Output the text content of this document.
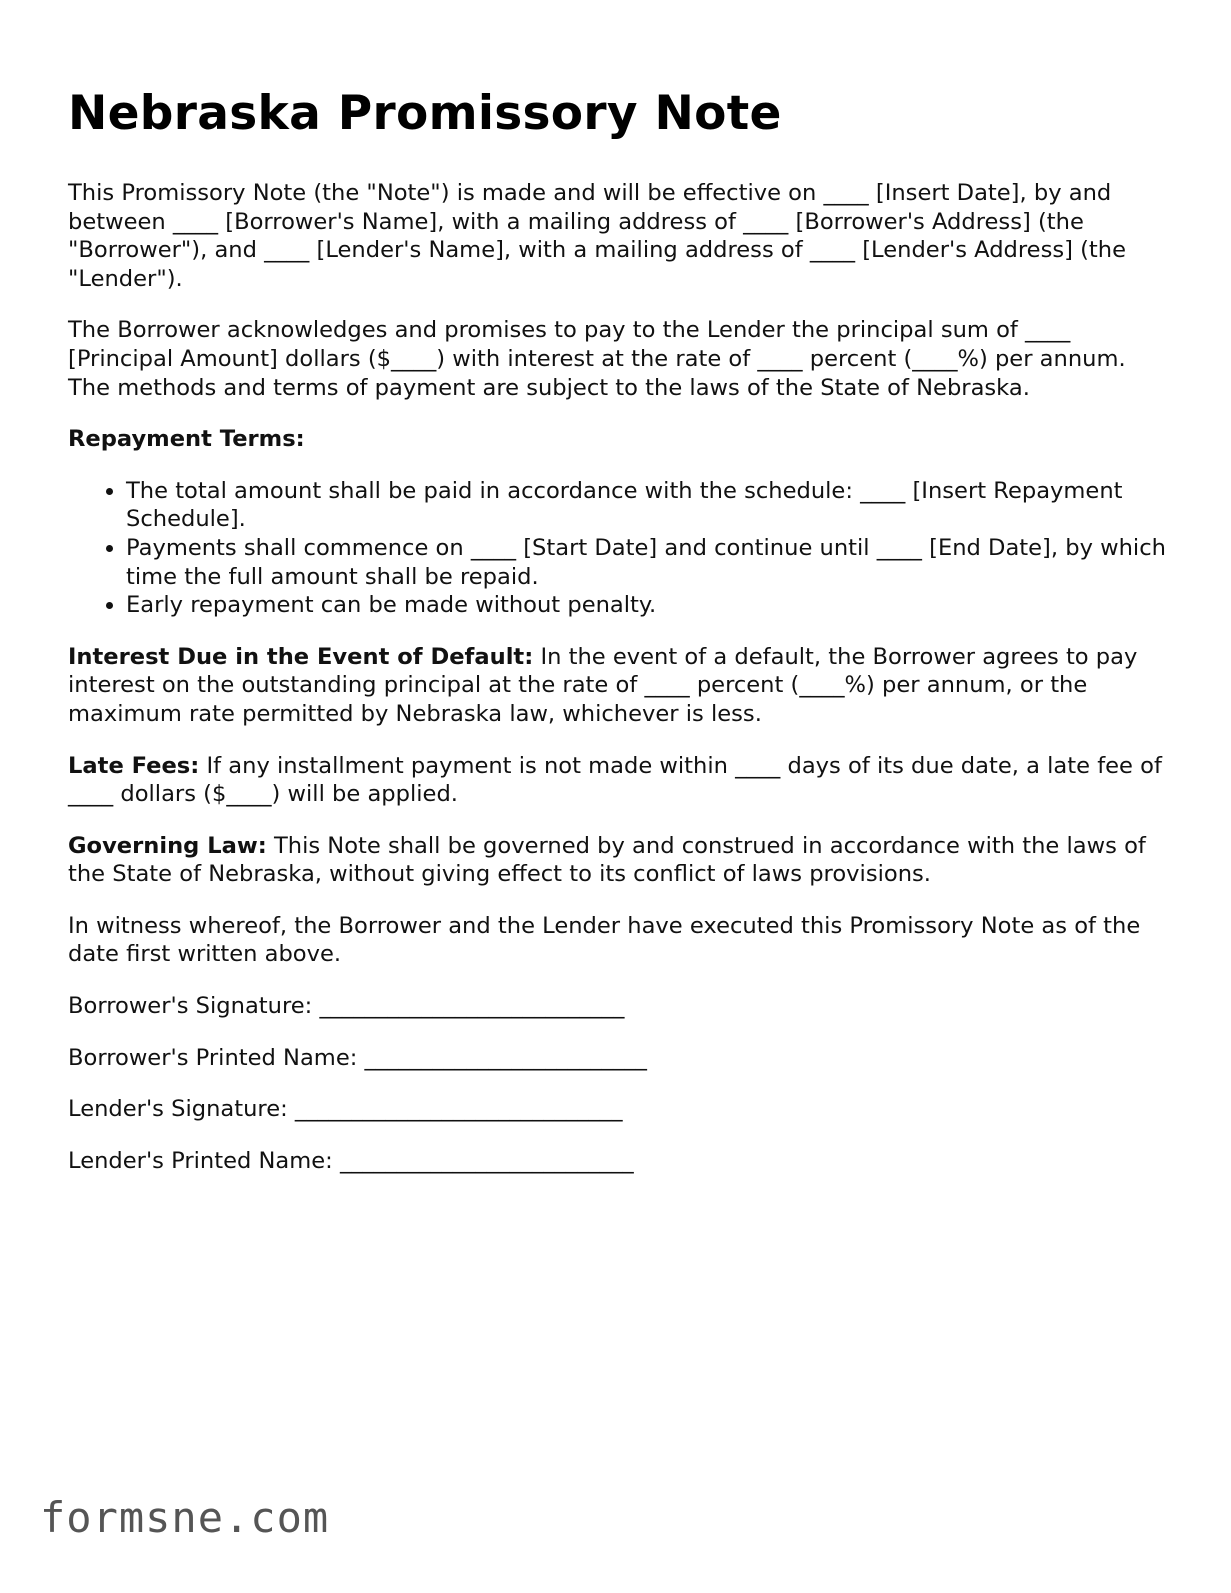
Nebraska Promissory Note

This Promissory Note (the "Note") is made and will be effective on ____ [Insert Date], by and between ____ [Borrower's Name], with a mailing address of ____ [Borrower's Address] (the "Borrower"), and ____ [Lender's Name], with a mailing address of ____ [Lender's Address] (the "Lender").

The Borrower acknowledges and promises to pay to the Lender the principal sum of ____ [Principal Amount] dollars ($____) with interest at the rate of ____ percent (____%) per annum. The methods and terms of payment are subject to the laws of the State of Nebraska.

Repayment Terms:

• The total amount shall be paid in accordance with the schedule: ____ [Insert Repayment Schedule].
• Payments shall commence on ____ [Start Date] and continue until ____ [End Date], by which time the full amount shall be repaid.
• Early repayment can be made without penalty.

Interest Due in the Event of Default: In the event of a default, the Borrower agrees to pay interest on the outstanding principal at the rate of ____ percent (____%) per annum, or the maximum rate permitted by Nebraska law, whichever is less.

Late Fees: If any installment payment is not made within ____ days of its due date, a late fee of ____ dollars ($____) will be applied.

Governing Law: This Note shall be governed by and construed in accordance with the laws of the State of Nebraska, without giving effect to its conflict of laws provisions.

In witness whereof, the Borrower and the Lender have executed this Promissory Note as of the date first written above.

Borrower's Signature: ___________________________
Borrower's Printed Name: _________________________
Lender's Signature: _____________________________
Lender's Printed Name: __________________________
formsne.com
